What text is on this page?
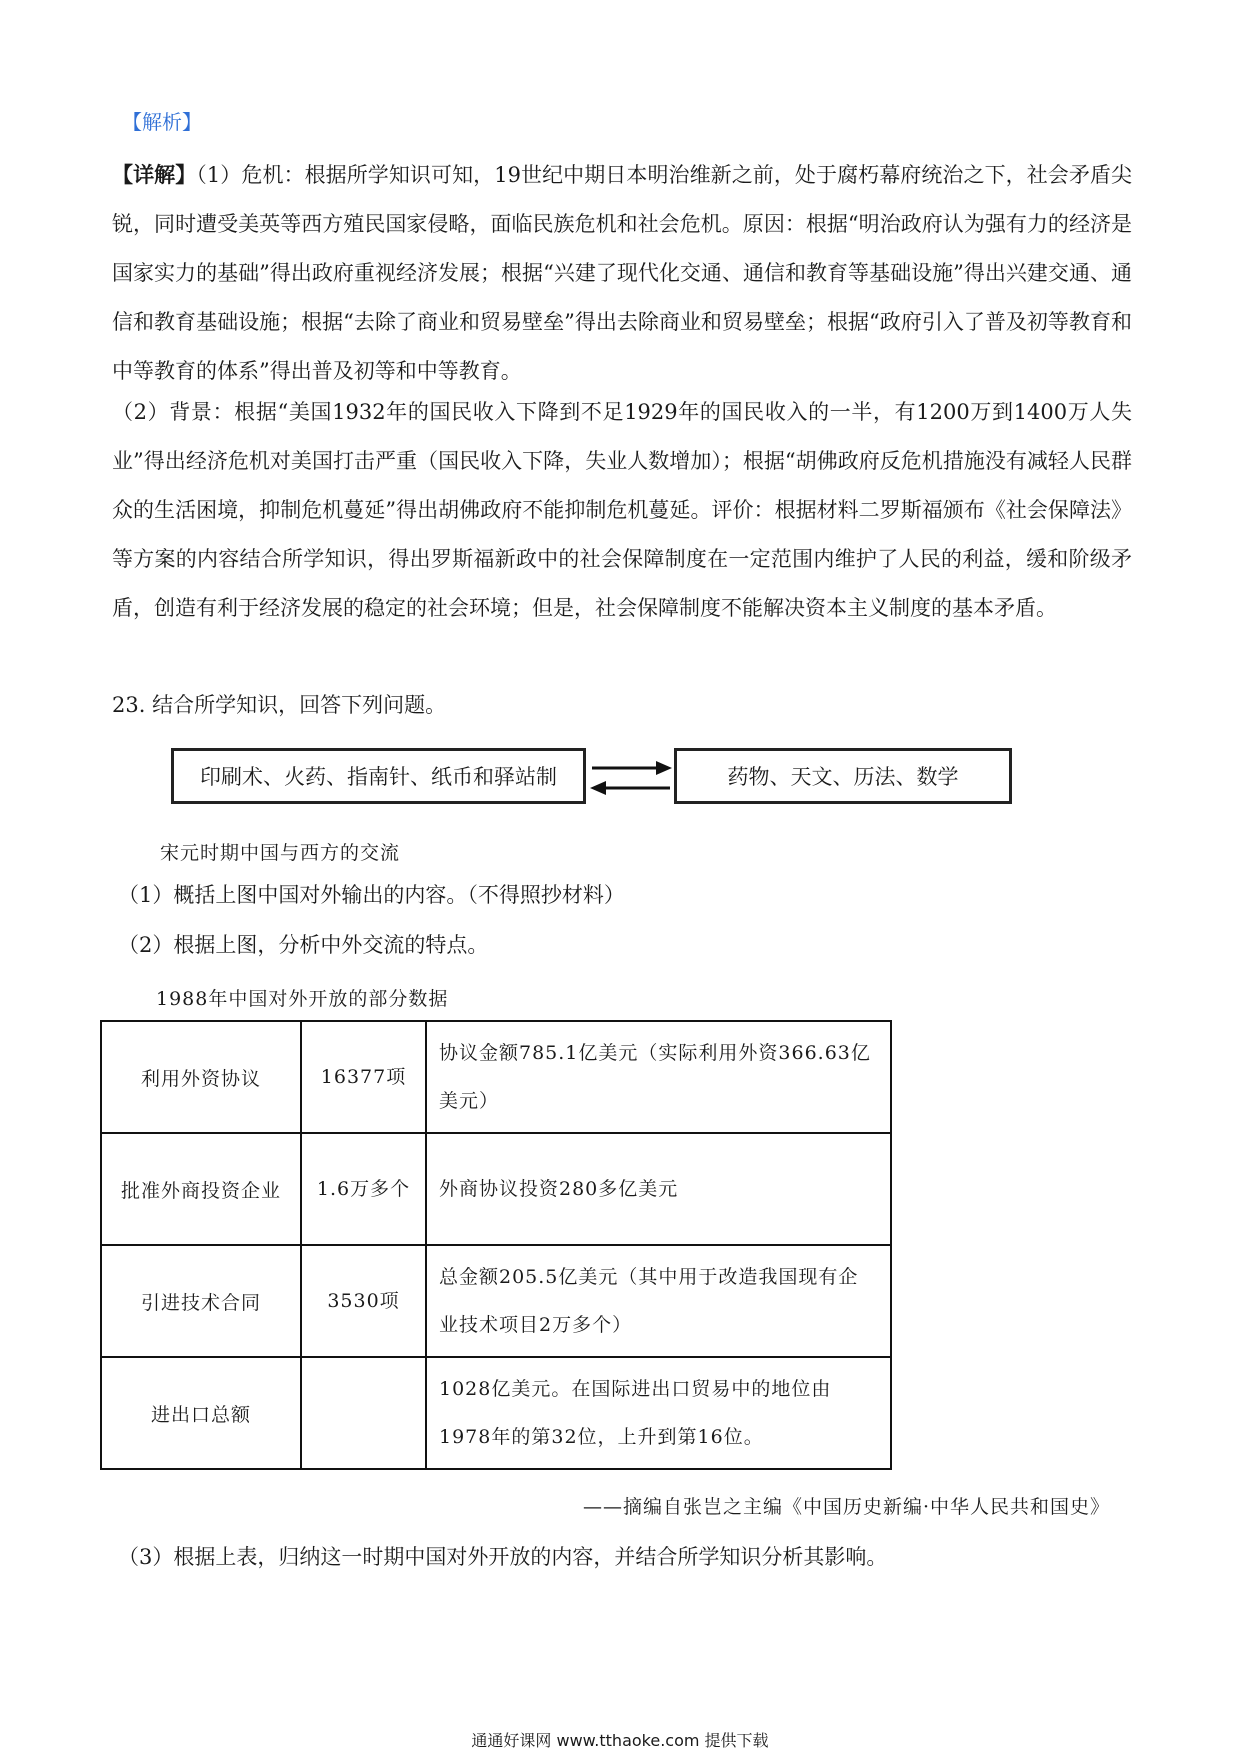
【解析】

【详解】（1）危机：根据所学知识可知，19世纪中期日本明治维新之前，处于腐朽幕府统治之下，社会矛盾尖锐，同时遭受美英等西方殖民国家侵略，面临民族危机和社会危机。原因：根据“明治政府认为强有力的经济是国家实力的基础”得出政府重视经济发展；根据“兴建了现代化交通、通信和教育等基础设施”得出兴建交通、通信和教育基础设施；根据“去除了商业和贸易壁垒”得出去除商业和贸易壁垒；根据“政府引入了普及初等教育和中等教育的体系”得出普及初等和中等教育。

（2）背景：根据“美国1932年的国民收入下降到不足1929年的国民收入的一半，有1200万到1400万人失业”得出经济危机对美国打击严重（国民收入下降，失业人数增加）；根据“胡佛政府反危机措施没有减轻人民群众的生活困境，抑制危机蔓延”得出胡佛政府不能抑制危机蔓延。评价：根据材料二罗斯福颁布《社会保障法》等方案的内容结合所学知识，得出罗斯福新政中的社会保障制度在一定范围内维护了人民的利益，缓和阶级矛盾，创造有利于经济发展的稳定的社会环境；但是，社会保障制度不能解决资本主义制度的基本矛盾。

23. 结合所学知识，回答下列问题。
印刷术、火药、指南针、纸币和驿站制	药物、天文、历法、数学
宋元时期中国与西方的交流
（1）概括上图中国对外输出的内容。（不得照抄材料）
（2）根据上图，分析中外交流的特点。
1988年中国对外开放的部分数据
利用外资协议	16377项	协议金额785.1亿美元（实际利用外资366.63亿美元）
批准外商投资企业	1.6万多个	外商协议投资280多亿美元
引进技术合同	3530项	总金额205.5亿美元（其中用于改造我国现有企业技术项目2万多个）
进出口总额		1028亿美元。在国际进出口贸易中的地位由1978年的第32位，上升到第16位。
——摘编自张岂之主编《中国历史新编·中华人民共和国史》
（3）根据上表，归纳这一时期中国对外开放的内容，并结合所学知识分析其影响。
通通好课网 www.tthaoke.com 提供下载
